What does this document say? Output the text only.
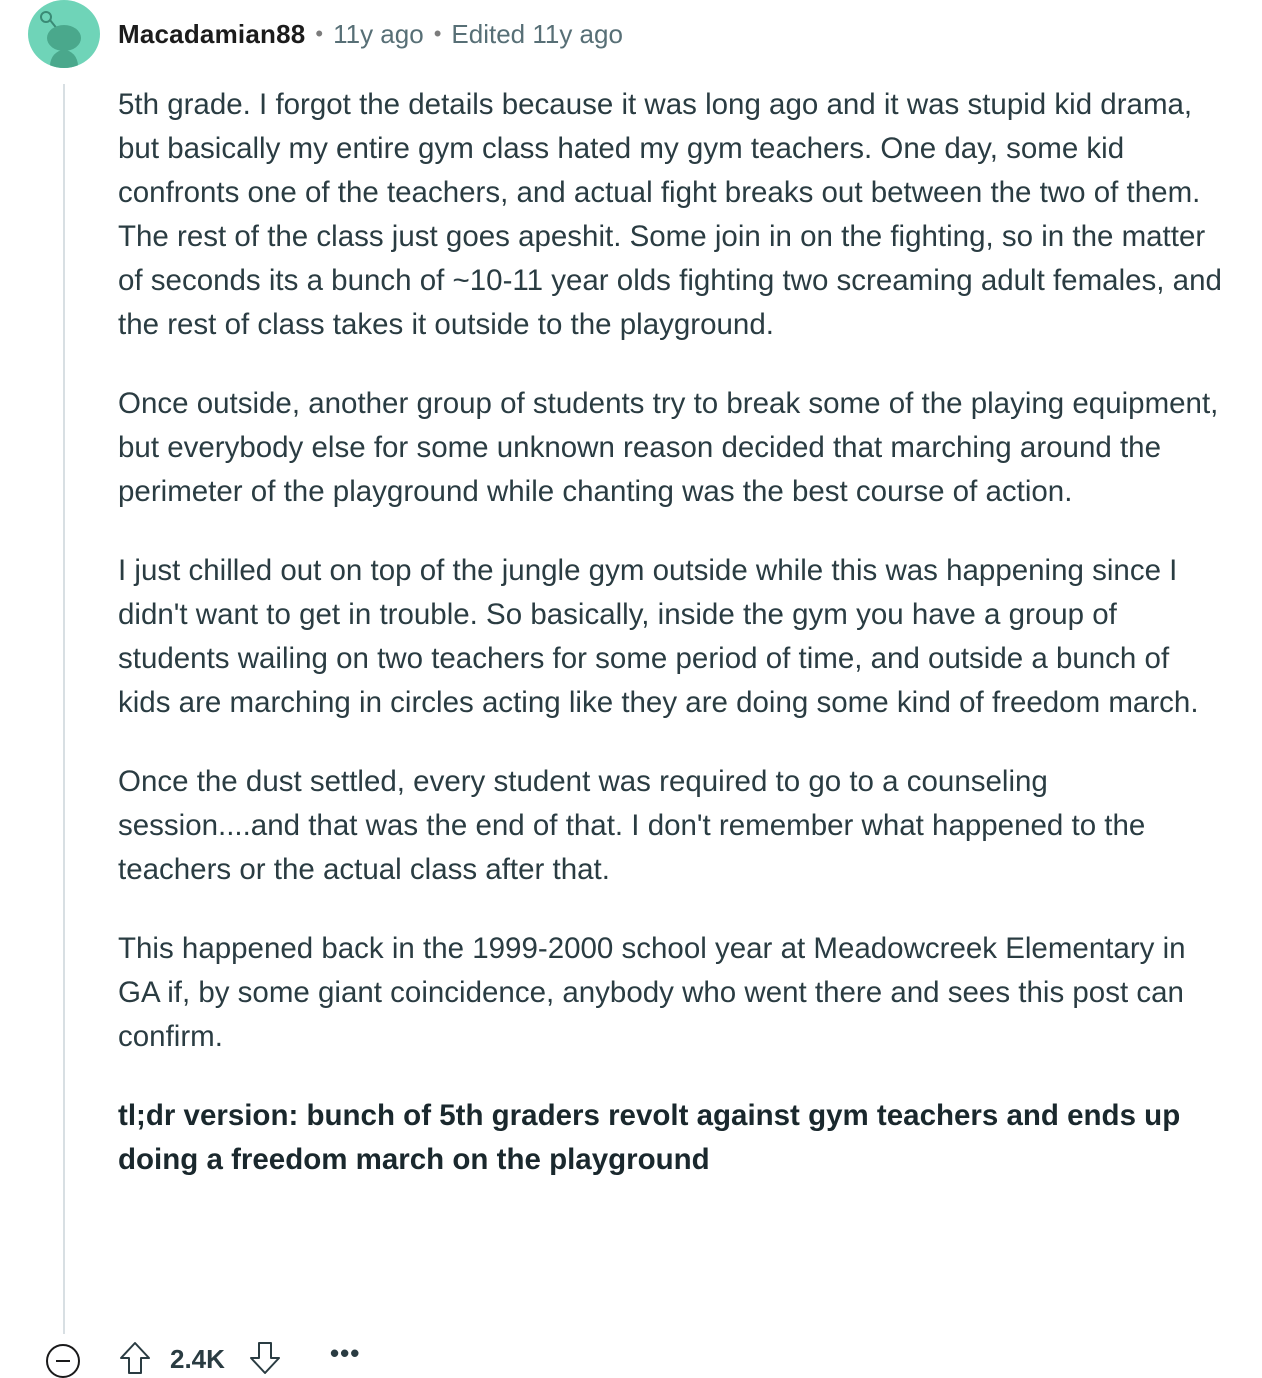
Macadamian88 • 11y ago • Edited 11y ago

5th grade. I forgot the details because it was long ago and it was stupid kid drama, but basically my entire gym class hated my gym teachers. One day, some kid confronts one of the teachers, and actual fight breaks out between the two of them. The rest of the class just goes apeshit. Some join in on the fighting, so in the matter of seconds its a bunch of ~10-11 year olds fighting two screaming adult females, and the rest of class takes it outside to the playground.

Once outside, another group of students try to break some of the playing equipment, but everybody else for some unknown reason decided that marching around the perimeter of the playground while chanting was the best course of action.

I just chilled out on top of the jungle gym outside while this was happening since I didn't want to get in trouble. So basically, inside the gym you have a group of students wailing on two teachers for some period of time, and outside a bunch of kids are marching in circles acting like they are doing some kind of freedom march.

Once the dust settled, every student was required to go to a counseling session....and that was the end of that. I don't remember what happened to the teachers or the actual class after that.

This happened back in the 1999-2000 school year at Meadowcreek Elementary in GA if, by some giant coincidence, anybody who went there and sees this post can confirm.

tl;dr version: bunch of 5th graders revolt against gym teachers and ends up doing a freedom march on the playground

2.4K	•••
